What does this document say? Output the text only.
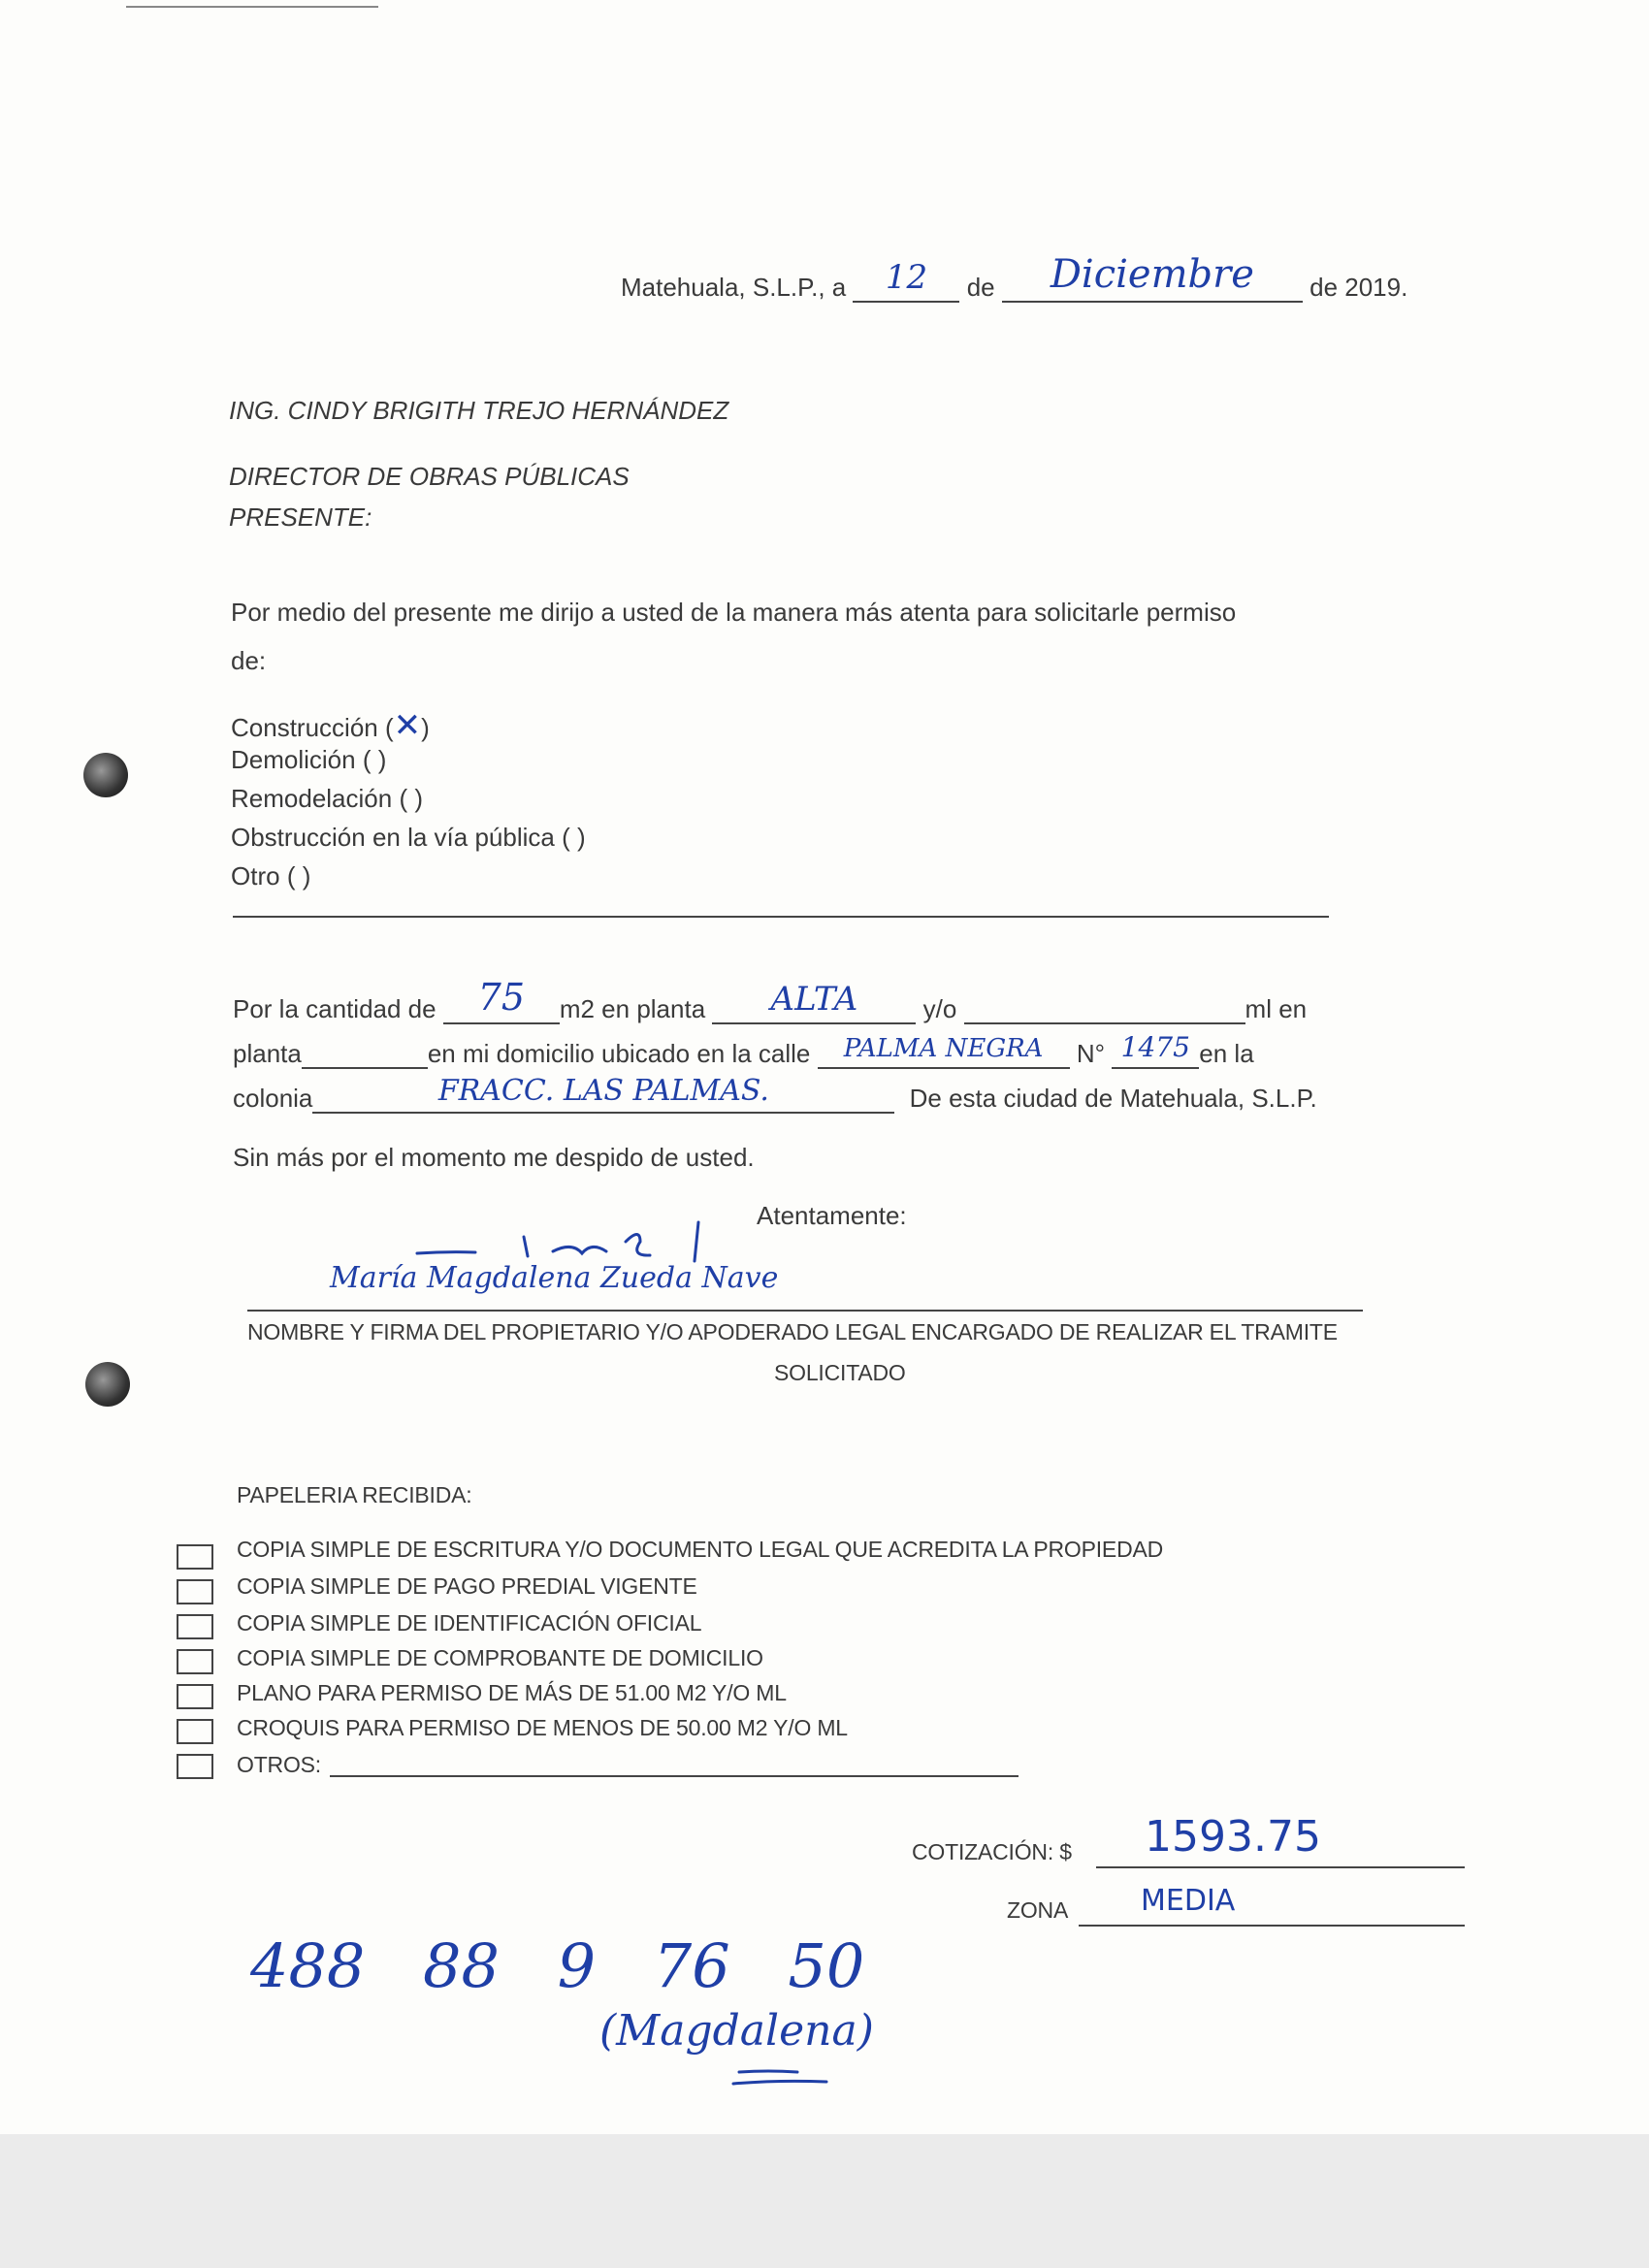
Matehuala, S.L.P., a	12	de	Diciembre	de 2019.
ING. CINDY BRIGITH TREJO HERNÁNDEZ
DIRECTOR DE OBRAS PÚBLICAS
PRESENTE:
Por medio del presente me dirijo a usted de la manera más atenta para solicitarle permiso
de:
Construcción (✕)
Demolición ( )
Remodelación ( )
Obstrucción en la vía pública ( )
Otro ( )
Por la cantidad de	75	m2 en planta	ALTA	y/o	ml en
planta	en mi domicilio ubicado en la calle	PALMA NEGRA	N° 1475 en la
colonia	FRACC. LAS PALMAS.	De esta ciudad de Matehuala, S.L.P.
Sin más por el momento me despido de usted.
Atentamente:
María Magdalena Zueda Nave
NOMBRE Y FIRMA DEL PROPIETARIO Y/O APODERADO LEGAL ENCARGADO DE REALIZAR EL TRAMITE
SOLICITADO
PAPELERIA RECIBIDA:
COPIA SIMPLE DE ESCRITURA Y/O DOCUMENTO LEGAL QUE ACREDITA LA PROPIEDAD
COPIA SIMPLE DE PAGO PREDIAL VIGENTE
COPIA SIMPLE DE IDENTIFICACIÓN OFICIAL
COPIA SIMPLE DE COMPROBANTE DE DOMICILIO
PLANO PARA PERMISO DE MÁS DE 51.00 M2 Y/O ML
CROQUIS PARA PERMISO DE MENOS DE 50.00 M2 Y/O ML
OTROS:
COTIZACIÓN: $ 1593.75
ZONA MEDIA
488 88 9 76 50
(Magdalena)
